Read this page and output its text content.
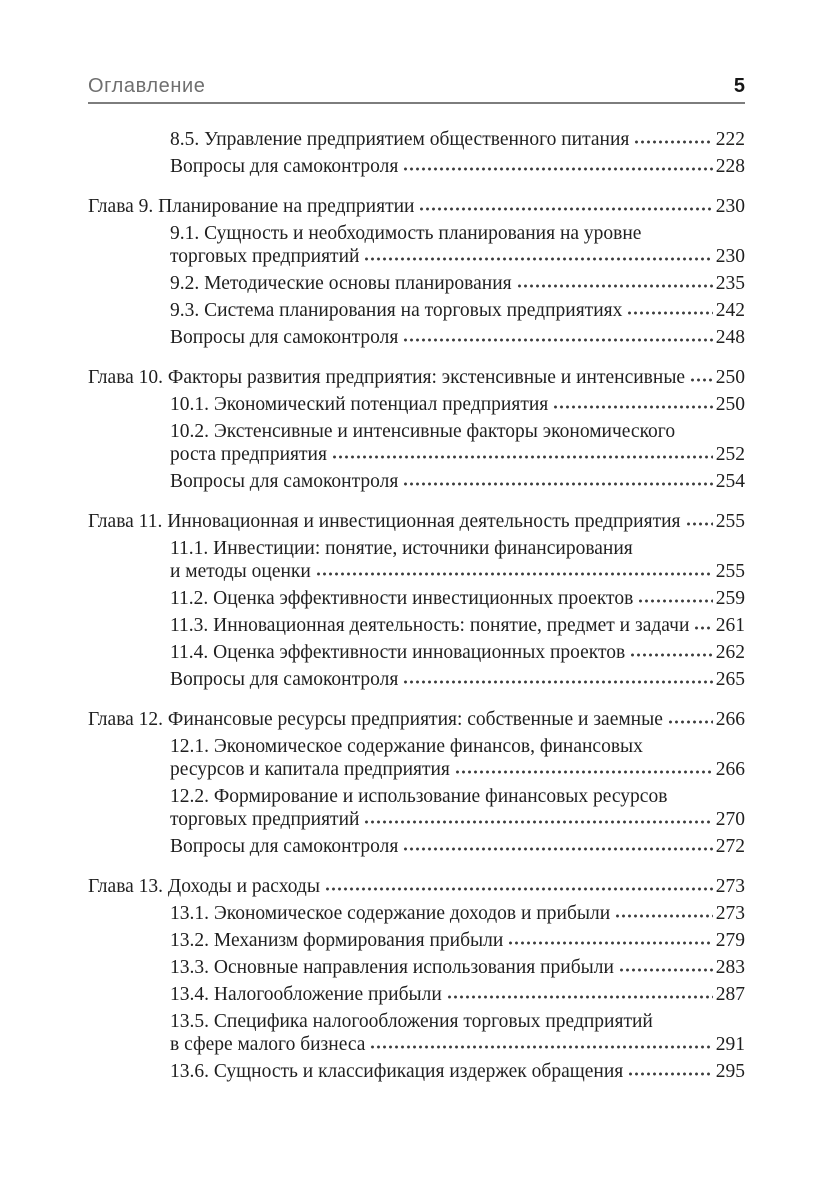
Оглавление	5
8.5. Управление предприятием общественного питания	222
Вопросы для самоконтроля	228
Глава 9. Планирование на предприятии	230
9.1. Сущность и необходимость планирования на уровне
торговых предприятий	230
9.2. Методические основы планирования	235
9.3. Система планирования на торговых предприятиях	242
Вопросы для самоконтроля	248
Глава 10. Факторы развития предприятия: экстенсивные и интенсивные 250
10.1. Экономический потенциал предприятия	250
10.2. Экстенсивные и интенсивные факторы экономического
роста предприятия	252
Вопросы для самоконтроля	254
Глава 11. Инновационная и инвестиционная деятельность предприятия 255
11.1. Инвестиции: понятие, источники финансирования
и методы оценки	255
11.2. Оценка эффективности инвестиционных проектов	259
11.3. Инновационная деятельность: понятие, предмет и задачи 261
11.4. Оценка эффективности инновационных проектов	262
Вопросы для самоконтроля	265
Глава 12. Финансовые ресурсы предприятия: собственные и заемные	266
12.1. Экономическое содержание финансов, финансовых
ресурсов и капитала предприятия	266
12.2. Формирование и использование финансовых ресурсов
торговых предприятий	270
Вопросы для самоконтроля	272
Глава 13. Доходы и расходы	273
13.1. Экономическое содержание доходов и прибыли	273
13.2. Механизм формирования прибыли	279
13.3. Основные направления использования прибыли	283
13.4. Налогообложение прибыли	287
13.5. Специфика налогообложения торговых предприятий
в сфере малого бизнеса	291
13.6. Сущность и классификация издержек обращения	295
